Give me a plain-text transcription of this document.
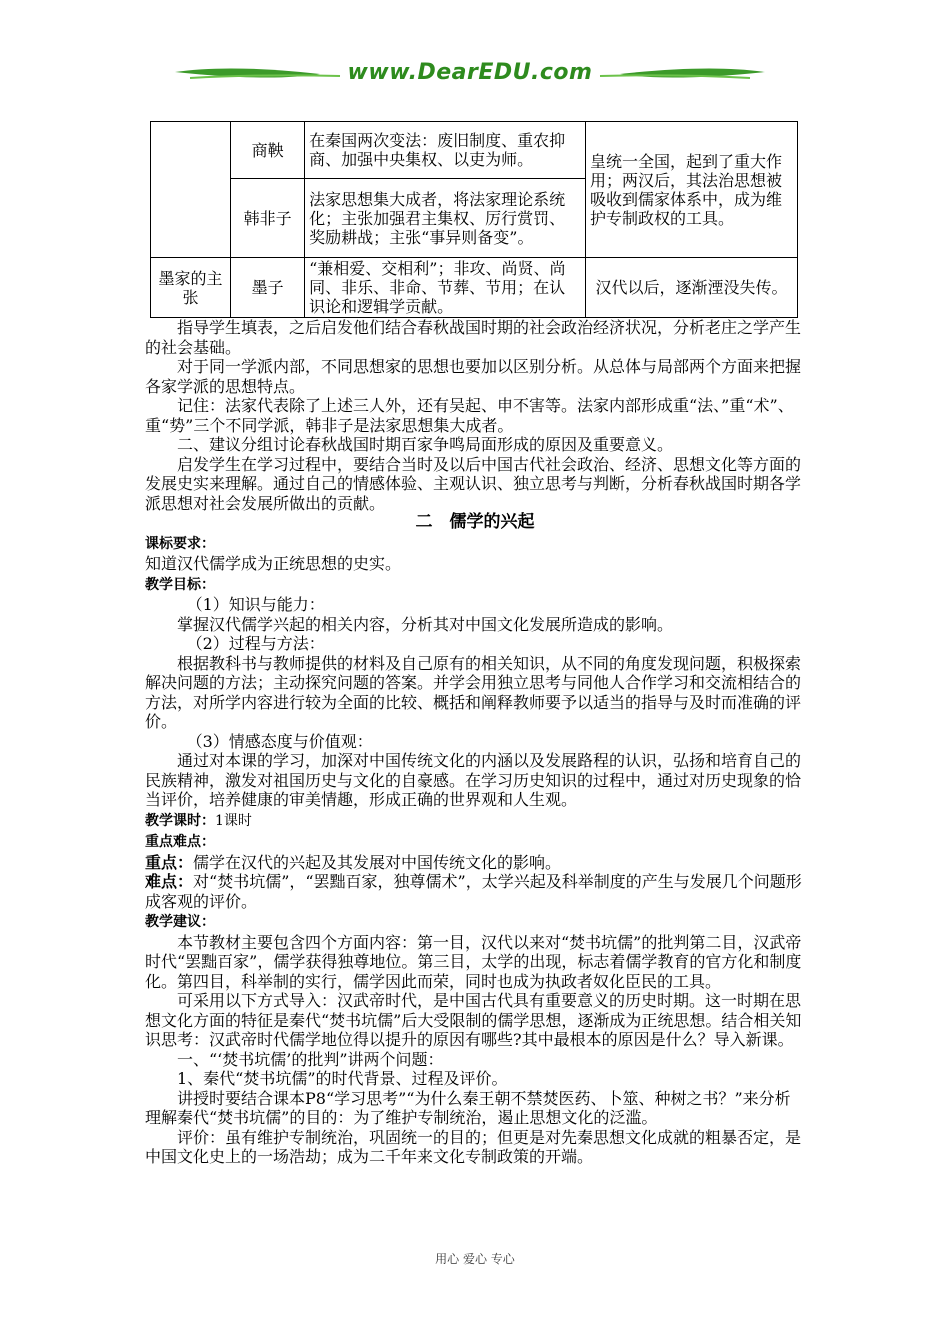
www.DearEDU.com
	商鞅	在秦国两次变法：废旧制度、重农抑商、加强中央集权、以吏为师。	皇统一全国，起到了重大作用；两汉后，其法治思想被吸收到儒家体系中，成为维护专制政权的工具。
	韩非子	法家思想集大成者，将法家理论系统化；主张加强君主集权、厉行赏罚、奖励耕战；主张“事异则备变”。	
墨家的主张	墨子	“兼相爱、交相利”；非攻、尚贤、尚同、非乐、非命、节葬、节用；在认识论和逻辑学贡献。	汉代以后，逐渐湮没失传。

指导学生填表，之后启发他们结合春秋战国时期的社会政治经济状况，分析老庄之学产生的社会基础。

对于同一学派内部，不同思想家的思想也要加以区别分析。从总体与局部两个方面来把握各家学派的思想特点。

记住：法家代表除了上述三人外，还有吴起、申不害等。法家内部形成重“法、”重“术”、重“势”三个不同学派，韩非子是法家思想集大成者。

二、建议分组讨论春秋战国时期百家争鸣局面形成的原因及重要意义。

启发学生在学习过程中，要结合当时及以后中国古代社会政治、经济、思想文化等方面的发展史实来理解。通过自己的情感体验、主观认识、独立思考与判断，分析春秋战国时期各学派思想对社会发展所做出的贡献。

二　儒学的兴起

课标要求：

知道汉代儒学成为正统思想的史实。

教学目标：

（1）知识与能力：

掌握汉代儒学兴起的相关内容，分析其对中国文化发展所造成的影响。

（2）过程与方法：

根据教科书与教师提供的材料及自己原有的相关知识，从不同的角度发现问题，积极探索解决问题的方法；主动探究问题的答案。并学会用独立思考与同他人合作学习和交流相结合的方法，对所学内容进行较为全面的比较、概括和阐释教师要予以适当的指导与及时而准确的评价。

（3）情感态度与价值观：

通过对本课的学习，加深对中国传统文化的内涵以及发展路程的认识，弘扬和培育自己的民族精神，激发对祖国历史与文化的自豪感。在学习历史知识的过程中，通过对历史现象的恰当评价，培养健康的审美情趣，形成正确的世界观和人生观。

教学课时：1课时

重点难点：

重点：儒学在汉代的兴起及其发展对中国传统文化的影响。

难点：对“焚书坑儒”，“罢黜百家，独尊儒术”，太学兴起及科举制度的产生与发展几个问题形成客观的评价。

教学建议：

本节教材主要包含四个方面内容：第一目，汉代以来对“焚书坑儒”的批判第二目，汉武帝时代“罢黜百家”，儒学获得独尊地位。第三目，太学的出现，标志着儒学教育的官方化和制度化。第四目，科举制的实行，儒学因此而荣，同时也成为执政者奴化臣民的工具。

可采用以下方式导入：汉武帝时代，是中国古代具有重要意义的历史时期。这一时期在思想文化方面的特征是秦代“焚书坑儒”后大受限制的儒学思想，逐渐成为正统思想。结合相关知识思考：汉武帝时代儒学地位得以提升的原因有哪些?其中最根本的原因是什么？导入新课。

一、“‘焚书坑儒’的批判”讲两个问题：

1、秦代“焚书坑儒”的时代背景、过程及评价。

讲授时要结合课本P8“学习思考”“为什么秦王朝不禁焚医药、卜筮、种树之书？”来分析理解秦代“焚书坑儒”的目的：为了维护专制统治，遏止思想文化的泛滥。

评价：虽有维护专制统治，巩固统一的目的；但更是对先秦思想文化成就的粗暴否定，是中国文化史上的一场浩劫；成为二千年来文化专制政策的开端。

用心 爱心 专心
